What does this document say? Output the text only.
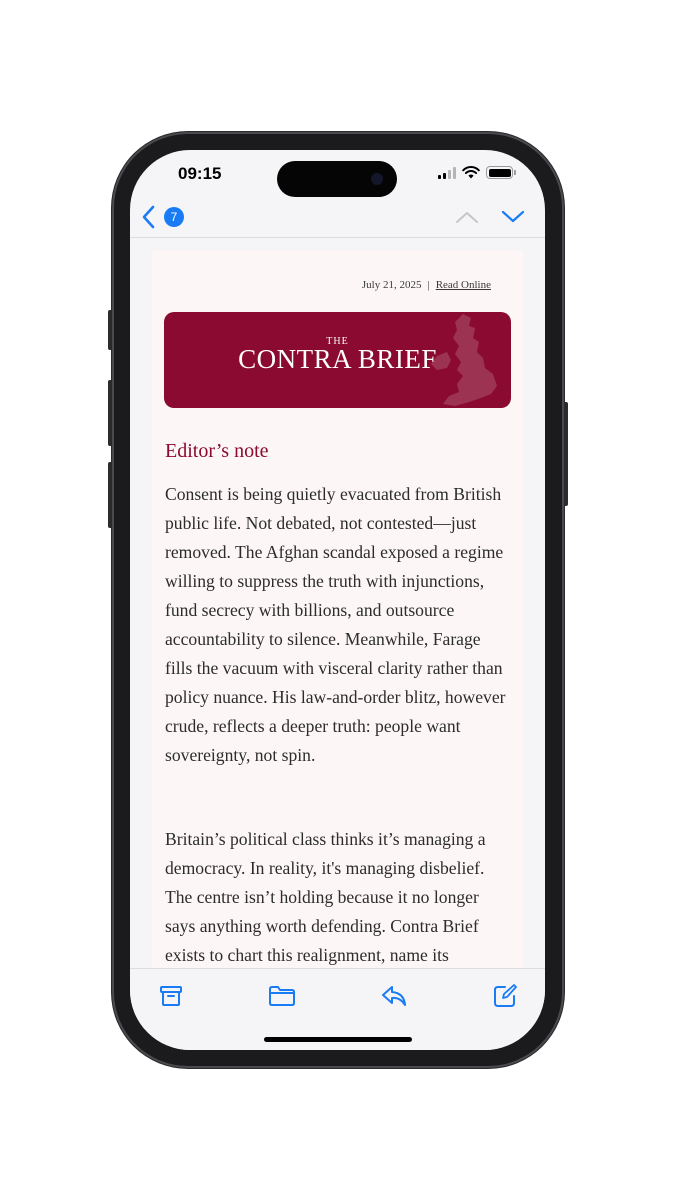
09:15
7
July 21, 2025 | Read Online
THE
CONTRA BRIEF
Editor’s note
Consent is being quietly evacuated from British public life. Not debated, not contested—just removed. The Afghan scandal exposed a regime willing to suppress the truth with injunctions, fund secrecy with billions, and outsource accountability to silence. Meanwhile, Farage fills the vacuum with visceral clarity rather than policy nuance. His law-and-order blitz, however crude, reflects a deeper truth: people want sovereignty, not spin.
Britain’s political class thinks it’s managing a democracy. In reality, it's managing disbelief. The centre isn’t holding because it no longer says anything worth defending. Contra Brief exists to chart this realignment, name its
